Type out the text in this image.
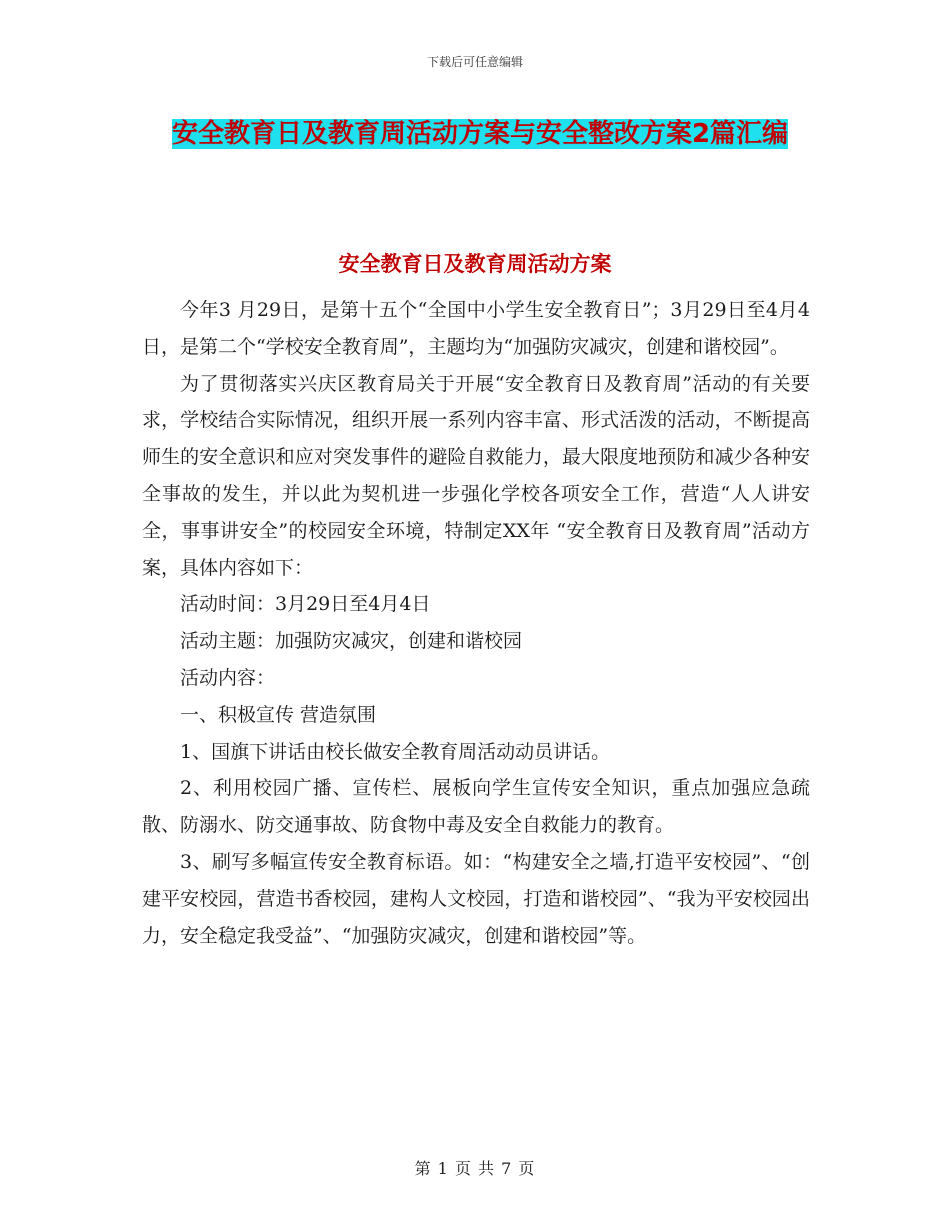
下载后可任意编辑
安全教育日及教育周活动方案与安全整改方案2篇汇编
安全教育日及教育周活动方案

今年3 月29日，是第十五个“全国中小学生安全教育日”；3月29日至4月4日，是第二个“学校安全教育周”，主题均为“加强防灾减灾，创建和谐校园”。

为了贯彻落实兴庆区教育局关于开展“安全教育日及教育周”活动的有关要求，学校结合实际情况，组织开展一系列内容丰富、形式活泼的活动，不断提高师生的安全意识和应对突发事件的避险自救能力，最大限度地预防和减少各种安全事故的发生，并以此为契机进一步强化学校各项安全工作，营造“人人讲安全，事事讲安全”的校园安全环境，特制定XX年 “安全教育日及教育周”活动方案，具体内容如下：

活动时间：3月29日至4月4日

活动主题：加强防灾减灾，创建和谐校园

活动内容：

一、积极宣传 营造氛围

1、国旗下讲话由校长做安全教育周活动动员讲话。

2、利用校园广播、宣传栏、展板向学生宣传安全知识，重点加强应急疏散、防溺水、防交通事故、防食物中毒及安全自救能力的教育。

3、刷写多幅宣传安全教育标语。如：“构建安全之墙,打造平安校园”、“创建平安校园，营造书香校园，建构人文校园，打造和谐校园”、“我为平安校园出力，安全稳定我受益”、“加强防灾减灾，创建和谐校园”等。

第 1 页 共 7 页
